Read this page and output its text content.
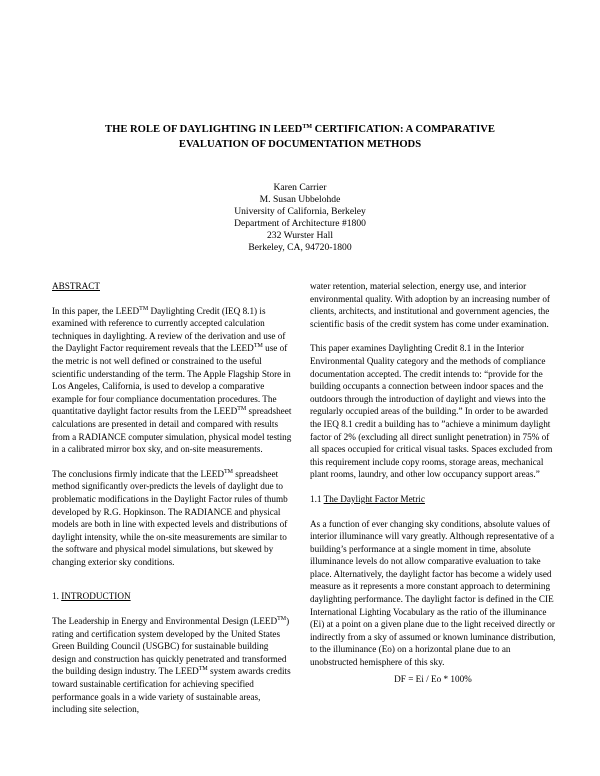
THE ROLE OF DAYLIGHTING IN LEED™ CERTIFICATION: A COMPARATIVE
EVALUATION OF DOCUMENTATION METHODS
Karen Carrier
M. Susan Ubbelohde
University of California, Berkeley
Department of Architecture #1800
232 Wurster Hall
Berkeley, CA, 94720-1800

ABSTRACT

In this paper, the LEED™ Daylighting Credit (IEQ 8.1) is examined with reference to currently accepted calculation techniques in daylighting. A review of the derivation and use of the Daylight Factor requirement reveals that the LEED™ use of the metric is not well defined or constrained to the useful scientific understanding of the term. The Apple Flagship Store in Los Angeles, California, is used to develop a comparative example for four compliance documentation procedures. The quantitative daylight factor results from the LEED™ spreadsheet calculations are presented in detail and compared with results from a RADIANCE computer simulation, physical model testing in a calibrated mirror box sky, and on-site measurements.

The conclusions firmly indicate that the LEED™ spreadsheet method significantly over-predicts the levels of daylight due to problematic modifications in the Daylight Factor rules of thumb developed by R.G. Hopkinson. The RADIANCE and physical models are both in line with expected levels and distributions of daylight intensity, while the on-site measurements are similar to the software and physical model simulations, but skewed by changing exterior sky conditions.

1. INTRODUCTION

The Leadership in Energy and Environmental Design (LEED™) rating and certification system developed by the United States Green Building Council (USGBC) for sustainable building design and construction has quickly penetrated and transformed the building design industry. The LEED™ system awards credits toward sustainable certification for achieving specified performance goals in a wide variety of sustainable areas, including site selection,

water retention, material selection, energy use, and interior environmental quality. With adoption by an increasing number of clients, architects, and institutional and government agencies, the scientific basis of the credit system has come under examination.

This paper examines Daylighting Credit 8.1 in the Interior Environmental Quality category and the methods of compliance documentation accepted. The credit intends to: “provide for the building occupants a connection between indoor spaces and the outdoors through the introduction of daylight and views into the regularly occupied areas of the building.” In order to be awarded the IEQ 8.1 credit a building has to ”achieve a minimum daylight factor of 2% (excluding all direct sunlight penetration) in 75% of all spaces occupied for critical visual tasks. Spaces excluded from this requirement include copy rooms, storage areas, mechanical plant rooms, laundry, and other low occupancy support areas.”

1.1 The Daylight Factor Metric

As a function of ever changing sky conditions, absolute values of interior illuminance will vary greatly. Although representative of a building’s performance at a single moment in time, absolute illuminance levels do not allow comparative evaluation to take place. Alternatively, the daylight factor has become a widely used measure as it represents a more constant approach to determining daylighting performance. The daylight factor is defined in the CIE International Lighting Vocabulary as the ratio of the illuminance (Ei) at a point on a given plane due to the light received directly or indirectly from a sky of assumed or known luminance distribution, to the illuminance (Eo) on a horizontal plane due to an unobstructed hemisphere of this sky.

DF = Ei / Eo * 100%
